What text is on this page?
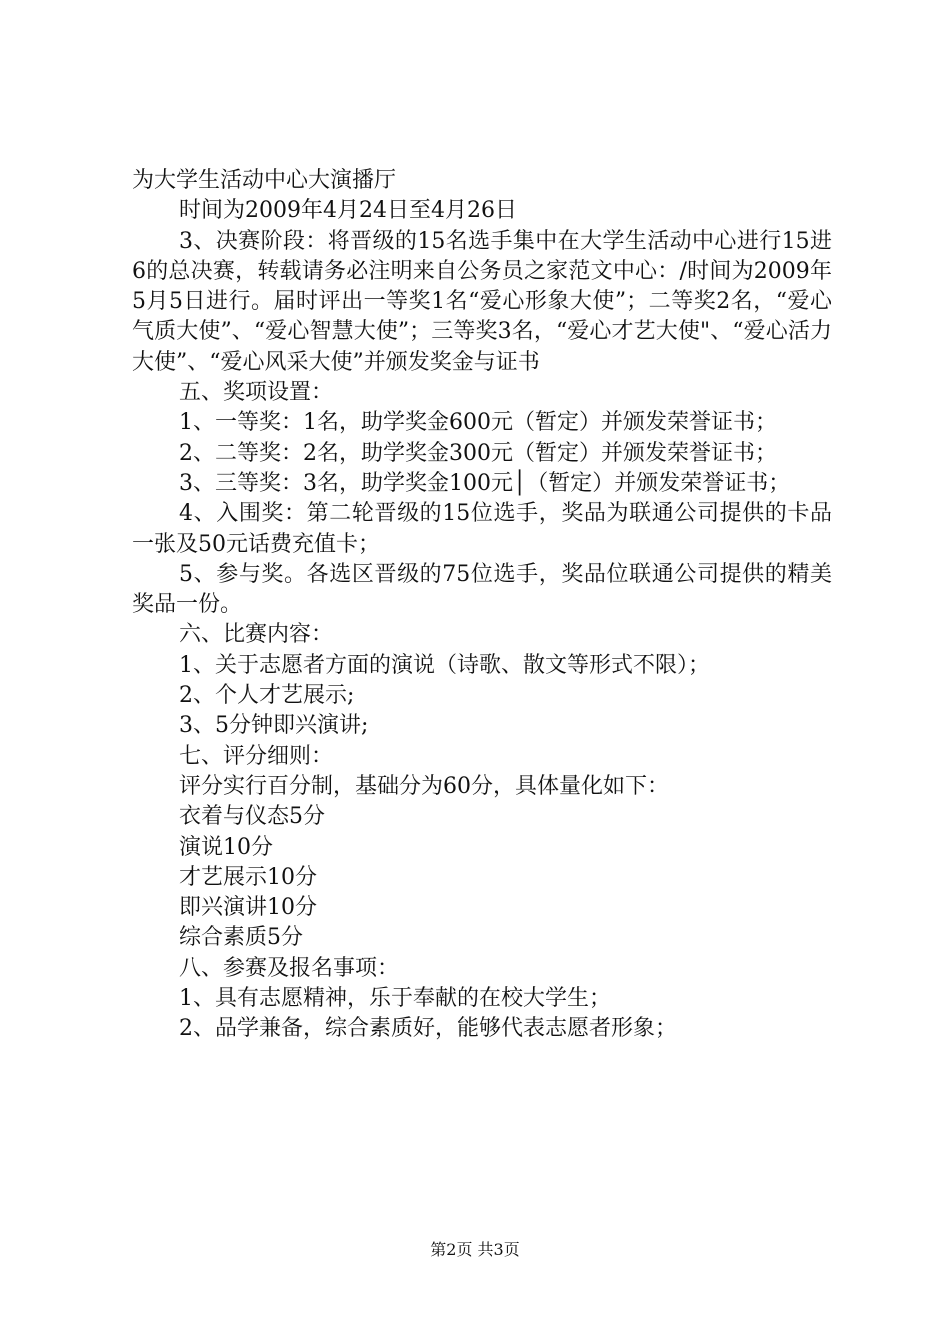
为大学生活动中心大演播厅

时间为2009年4月24日至4月26日

3、决赛阶段：将晋级的15名选手集中在大学生活动中心进行15进6的总决赛，转载请务必注明来自公务员之家范文中心：/时间为2009年5月5日进行。届时评出一等奖1名“爱心形象大使”；二等奖2名，“爱心气质大使”、“爱心智慧大使”；三等奖3名，“爱心才艺大使"、“爱心活力大使”、“爱心风采大使”并颁发奖金与证书

五、奖项设置：

1、一等奖：1名，助学奖金600元（暂定）并颁发荣誉证书；

2、二等奖：2名，助学奖金300元（暂定）并颁发荣誉证书；

3、三等奖：3名，助学奖金100元│（暂定）并颁发荣誉证书；

4、入围奖：第二轮晋级的15位选手，奖品为联通公司提供的卡品一张及50元话费充值卡；

5、参与奖。各选区晋级的75位选手，奖品位联通公司提供的精美奖品一份。

六、比赛内容：

1、关于志愿者方面的演说（诗歌、散文等形式不限）；

2、个人才艺展示;

3、5分钟即兴演讲;

七、评分细则：

评分实行百分制，基础分为60分，具体量化如下：

衣着与仪态5分

演说10分

才艺展示10分

即兴演讲10分

综合素质5分

八、参赛及报名事项：

1、具有志愿精神，乐于奉献的在校大学生；

2、品学兼备，综合素质好，能够代表志愿者形象；

第2页 共3页
